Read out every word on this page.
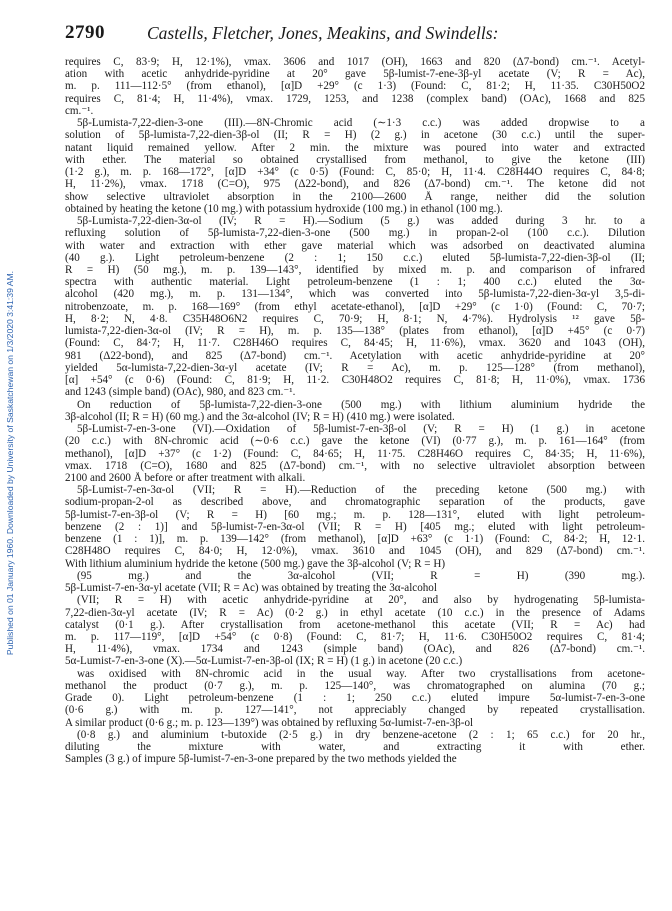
Published on 01 January 1960. Downloaded by University of Saskatchewan on 1/3/2020 3:41:39 AM.
2790 Castells, Fletcher, Jones, Meakins, and Swindells:
requires C, 83·9; H, 12·1%), νmax. 3606 and 1017 (OH), 1663 and 820 (Δ7-bond) cm.⁻¹. Acetyl-
ation with acetic anhydride-pyridine at 20° gave 5β-lumist-7-ene-3β-yl acetate (V; R = Ac),
m. p. 111—112·5° (from ethanol), [α]D +29° (c 1·3) (Found: C, 81·2; H, 11·35. C30H50O2
requires C, 81·4; H, 11·4%), νmax. 1729, 1253, and 1238 (complex band) (OAc), 1668 and 825
cm.⁻¹.
5β-Lumista-7,22-dien-3-one (III).—8N-Chromic acid (∼1·3 c.c.) was added dropwise to a
solution of 5β-lumista-7,22-dien-3β-ol (II; R = H) (2 g.) in acetone (30 c.c.) until the super-
natant liquid remained yellow. After 2 min. the mixture was poured into water and extracted
with ether. The material so obtained crystallised from methanol, to give the ketone (III)
(1·2 g.), m. p. 168—172°, [α]D +34° (c 0·5) (Found: C, 85·0; H, 11·4. C28H44O requires C, 84·8;
H, 11·2%), νmax. 1718 (C=O), 975 (Δ22-bond), and 826 (Δ7-bond) cm.⁻¹. The ketone did not
show selective ultraviolet absorption in the 2100—2600 Å range, neither did the solution
obtained by heating the ketone (10 mg.) with potassium hydroxide (100 mg.) in ethanol (100 mg.).
5β-Lumista-7,22-dien-3α-ol (IV; R = H).—Sodium (5 g.) was added during 3 hr. to a
refluxing solution of 5β-lumista-7,22-dien-3-one (500 mg.) in propan-2-ol (100 c.c.). Dilution
with water and extraction with ether gave material which was adsorbed on deactivated alumina
(40 g.). Light petroleum-benzene (2 : 1; 150 c.c.) eluted 5β-lumista-7,22-dien-3β-ol (II;
R = H) (50 mg.), m. p. 139—143°, identified by mixed m. p. and comparison of infrared
spectra with authentic material. Light petroleum-benzene (1 : 1; 400 c.c.) eluted the 3α-
alcohol (420 mg.), m. p. 131—134°, which was converted into 5β-lumista-7,22-dien-3α-yl 3,5-di-
nitrobenzoate, m. p. 168—169° (from ethyl acetate-ethanol), [α]D +29° (c 1·0) (Found: C, 70·7;
H, 8·2; N, 4·8. C35H48O6N2 requires C, 70·9; H, 8·1; N, 4·7%). Hydrolysis ¹² gave 5β-
lumista-7,22-dien-3α-ol (IV; R = H), m. p. 135—138° (plates from ethanol), [α]D +45° (c 0·7)
(Found: C, 84·7; H, 11·7. C28H46O requires C, 84·45; H, 11·6%), νmax. 3620 and 1043 (OH),
981 (Δ22-bond), and 825 (Δ7-bond) cm.⁻¹. Acetylation with acetic anhydride-pyridine at 20°
yielded 5α-lumista-7,22-dien-3α-yl acetate (IV; R = Ac), m. p. 125—128° (from methanol),
[α] +54° (c 0·6) (Found: C, 81·9; H, 11·2. C30H48O2 requires C, 81·8; H, 11·0%), νmax. 1736
and 1243 (simple band) (OAc), 980, and 823 cm.⁻¹.
On reduction of 5β-lumista-7,22-dien-3-one (500 mg.) with lithium aluminium hydride the
3β-alcohol (II; R = H) (60 mg.) and the 3α-alcohol (IV; R = H) (410 mg.) were isolated.
5β-Lumist-7-en-3-one (VI).—Oxidation of 5β-lumist-7-en-3β-ol (V; R = H) (1 g.) in acetone
(20 c.c.) with 8N-chromic acid (∼0·6 c.c.) gave the ketone (VI) (0·77 g.), m. p. 161—164° (from
methanol), [α]D +37° (c 1·2) (Found: C, 84·65; H, 11·75. C28H46O requires C, 84·35; H, 11·6%),
νmax. 1718 (C=O), 1680 and 825 (Δ7-bond) cm.⁻¹, with no selective ultraviolet absorption between
2100 and 2600 Å before or after treatment with alkali.
5β-Lumist-7-en-3α-ol (VII; R = H).—Reduction of the preceding ketone (500 mg.) with
sodium-propan-2-ol as described above, and chromatographic separation of the products, gave
5β-lumist-7-en-3β-ol (V; R = H) [60 mg.; m. p. 128—131°, eluted with light petroleum-
benzene (2 : 1)] and 5β-lumist-7-en-3α-ol (VII; R = H) [405 mg.; eluted with light petroleum-
benzene (1 : 1)], m. p. 139—142° (from methanol), [α]D +63° (c 1·1) (Found: C, 84·2; H, 12·1.
C28H48O requires C, 84·0; H, 12·0%), νmax. 3610 and 1045 (OH), and 829 (Δ7-bond) cm.⁻¹.
With lithium aluminium hydride the ketone (500 mg.) gave the 3β-alcohol (V; R = H)
(95 mg.) and the 3α-alcohol (VII; R = H) (390 mg.).
5β-Lumist-7-en-3α-yl acetate (VII; R = Ac) was obtained by treating the 3α-alcohol
(VII; R = H) with acetic anhydride-pyridine at 20°, and also by hydrogenating 5β-lumista-
7,22-dien-3α-yl acetate (IV; R = Ac) (0·2 g.) in ethyl acetate (10 c.c.) in the presence of Adams
catalyst (0·1 g.). After crystallisation from acetone-methanol this acetate (VII; R = Ac) had
m. p. 117—119°, [α]D +54° (c 0·8) (Found: C, 81·7; H, 11·6. C30H50O2 requires C, 81·4;
H, 11·4%), νmax. 1734 and 1243 (simple band) (OAc), and 826 (Δ7-bond) cm.⁻¹.
5α-Lumist-7-en-3-one (X).—5α-Lumist-7-en-3β-ol (IX; R = H) (1 g.) in acetone (20 c.c.)
was oxidised with 8N-chromic acid in the usual way. After two crystallisations from acetone-
methanol the product (0·7 g.), m. p. 125—140°, was chromatographed on alumina (70 g.;
Grade 0). Light petroleum-benzene (1 : 1; 250 c.c.) eluted impure 5α-lumist-7-en-3-one
(0·6 g.) with m. p. 127—141°, not appreciably changed by repeated crystallisation.
A similar product (0·6 g.; m. p. 123—139°) was obtained by refluxing 5α-lumist-7-en-3β-ol
(0·8 g.) and aluminium t-butoxide (2·5 g.) in dry benzene-acetone (2 : 1; 65 c.c.) for 20 hr.,
diluting the mixture with water, and extracting it with ether.
Samples (3 g.) of impure 5β-lumist-7-en-3-one prepared by the two methods yielded the
